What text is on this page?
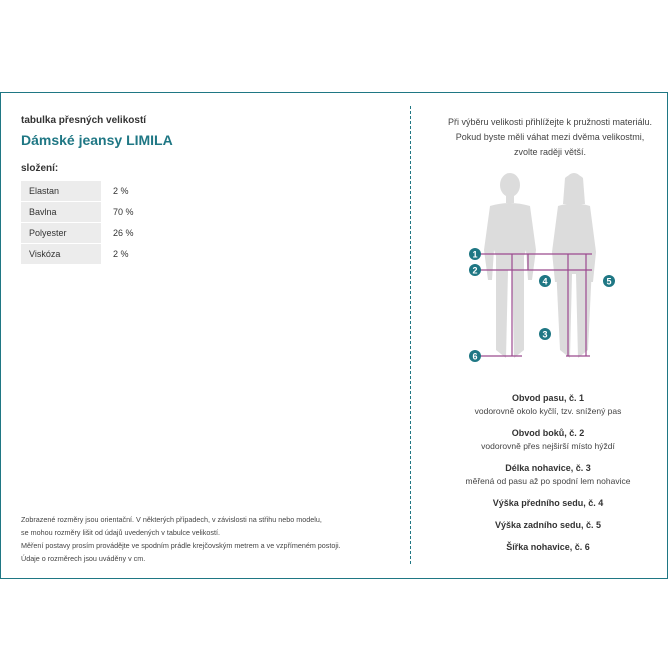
tabulka přesných velikostí
Dámské jeansy LIMILA
složení:
Elastan	2 %
Bavlna	70 %
Polyester	26 %
Viskóza	2 %
Zobrazené rozměry jsou orientační. V některých případech, v závislosti na střihu nebo modelu,
se mohou rozměry lišit od údajů uvedených v tabulce velikostí.
Měření postavy prosím provádějte ve spodním prádle krejčovským metrem a ve vzpřímeném postoji.
Údaje o rozměrech jsou uváděny v cm.
Při výběru velikosti přihlížejte k pružnosti materiálu.
Pokud byste měli váhat mezi dvěma velikostmi,
zvolte raději větší.
1
2
3
4	5
6
Obvod pasu, č. 1
vodorovně okolo kyčlí, tzv. snížený pas
Obvod boků, č. 2
vodorovně přes nejširší místo hýždí
Délka nohavice, č. 3
měřená od pasu až po spodní lem nohavice
Výška předního sedu, č. 4
Výška zadního sedu, č. 5
Šířka nohavice, č. 6
